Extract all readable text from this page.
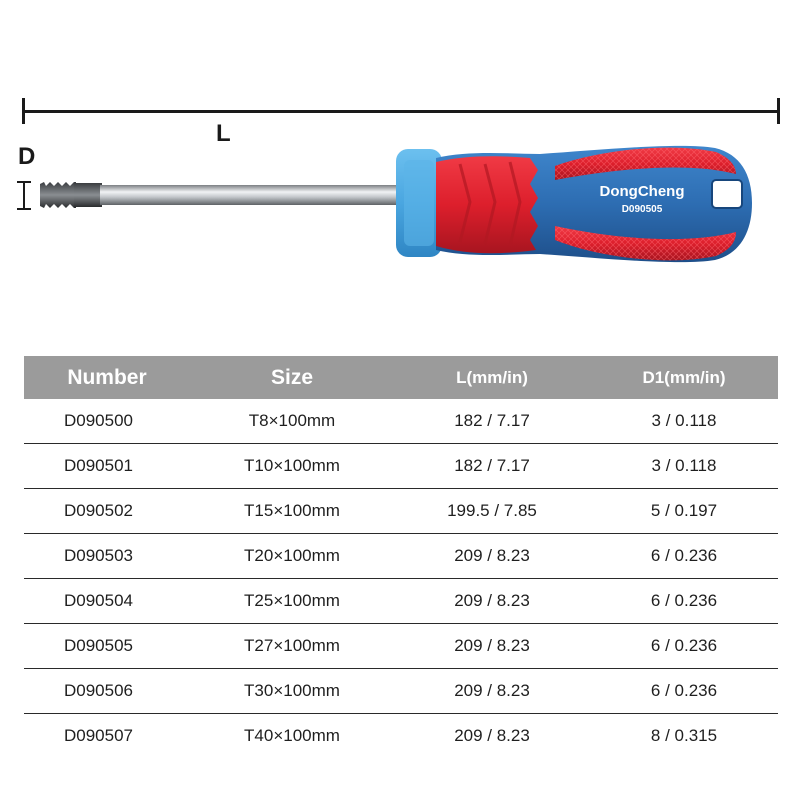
L
D
DongCheng
D090505
Number	Size	L(mm/in)	D1(mm/in)
D090500	T8×100mm	182 / 7.17	3 / 0.118
D090501	T10×100mm	182 / 7.17	3 / 0.118
D090502	T15×100mm	199.5 / 7.85	5 / 0.197
D090503	T20×100mm	209 / 8.23	6 / 0.236
D090504	T25×100mm	209 / 8.23	6 / 0.236
D090505	T27×100mm	209 / 8.23	6 / 0.236
D090506	T30×100mm	209 / 8.23	6 / 0.236
D090507	T40×100mm	209 / 8.23	8 / 0.315
